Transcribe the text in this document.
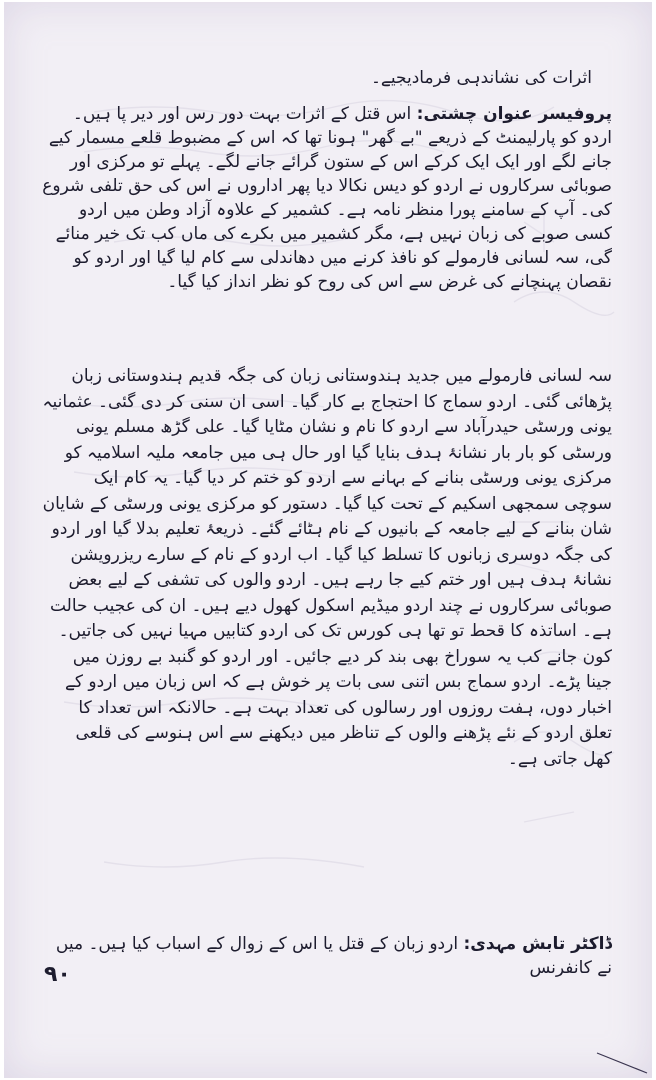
اثرات کی نشاندہی فرمادیجیے۔
پروفیسر عنوان چشتی: اس قتل کے اثرات بہت دور رس اور دیر پا ہیں۔ اردو کو پارلیمنٹ کے ذریعے "بے گھر" ہونا تھا کہ اس کے مضبوط قلعے مسمار کیے جانے لگے اور ایک ایک کرکے اس کے ستون گرائے جانے لگے۔ پہلے تو مرکزی اور صوبائی سرکاروں نے اردو کو دیس نکالا دیا پھر اداروں نے اس کی حق تلفی شروع کی۔ آپ کے سامنے پورا منظر نامہ ہے۔ کشمیر کے علاوہ آزاد وطن میں اردو کسی صوبے کی زبان نہیں ہے، مگر کشمیر میں بکرے کی ماں کب تک خیر منائے گی، سہ لسانی فارمولے کو نافذ کرنے میں دھاندلی سے کام لیا گیا اور اردو کو نقصان پہنچانے کی غرض سے اس کی روح کو نظر انداز کیا گیا۔
سہ لسانی فارمولے میں جدید ہندوستانی زبان کی جگہ قدیم ہندوستانی زبان پڑھائی گئی۔ اردو سماج کا احتجاج بے کار گیا۔ اسی ان سنی کر دی گئی۔ عثمانیہ یونی ورسٹی حیدرآباد سے اردو کا نام و نشان مٹایا گیا۔ علی گڑھ مسلم یونی ورسٹی کو بار بار نشانۂ ہدف بنایا گیا اور حال ہی میں جامعہ ملیہ اسلامیہ کو مرکزی یونی ورسٹی بنانے کے بہانے سے اردو کو ختم کر دیا گیا۔ یہ کام ایک سوچی سمجھی اسکیم کے تحت کیا گیا۔ دستور کو مرکزی یونی ورسٹی کے شایان شان بنانے کے لیے جامعہ کے بانیوں کے نام ہٹائے گئے۔ ذریعۂ تعلیم بدلا گیا اور اردو کی جگہ دوسری زبانوں کا تسلط کیا گیا۔ اب اردو کے نام کے سارے ریزرویشن نشانۂ ہدف ہیں اور ختم کیے جا رہے ہیں۔ اردو والوں کی تشفی کے لیے بعض صوبائی سرکاروں نے چند اردو میڈیم اسکول کھول دیے ہیں۔ ان کی عجیب حالت ہے۔ اساتذہ کا قحط تو تھا ہی کورس تک کی اردو کتابیں مہیا نہیں کی جاتیں۔ کون جانے کب یہ سوراخ بھی بند کر دیے جائیں۔ اور اردو کو گنبد بے روزن میں جینا پڑے۔ اردو سماج بس اتنی سی بات پر خوش ہے کہ اس زبان میں اردو کے اخبار دوں، ہفت روزوں اور رسالوں کی تعداد بہت ہے۔ حالانکہ اس تعداد کا تعلق اردو کے نئے پڑھنے والوں کے تناظر میں دیکھنے سے اس ہنوسے کی قلعی کھل جاتی ہے۔
ڈاکٹر تابش مہدی: اردو زبان کے قتل یا اس کے زوال کے اسباب کیا ہیں۔ میں نے کانفرنس
۹۰
